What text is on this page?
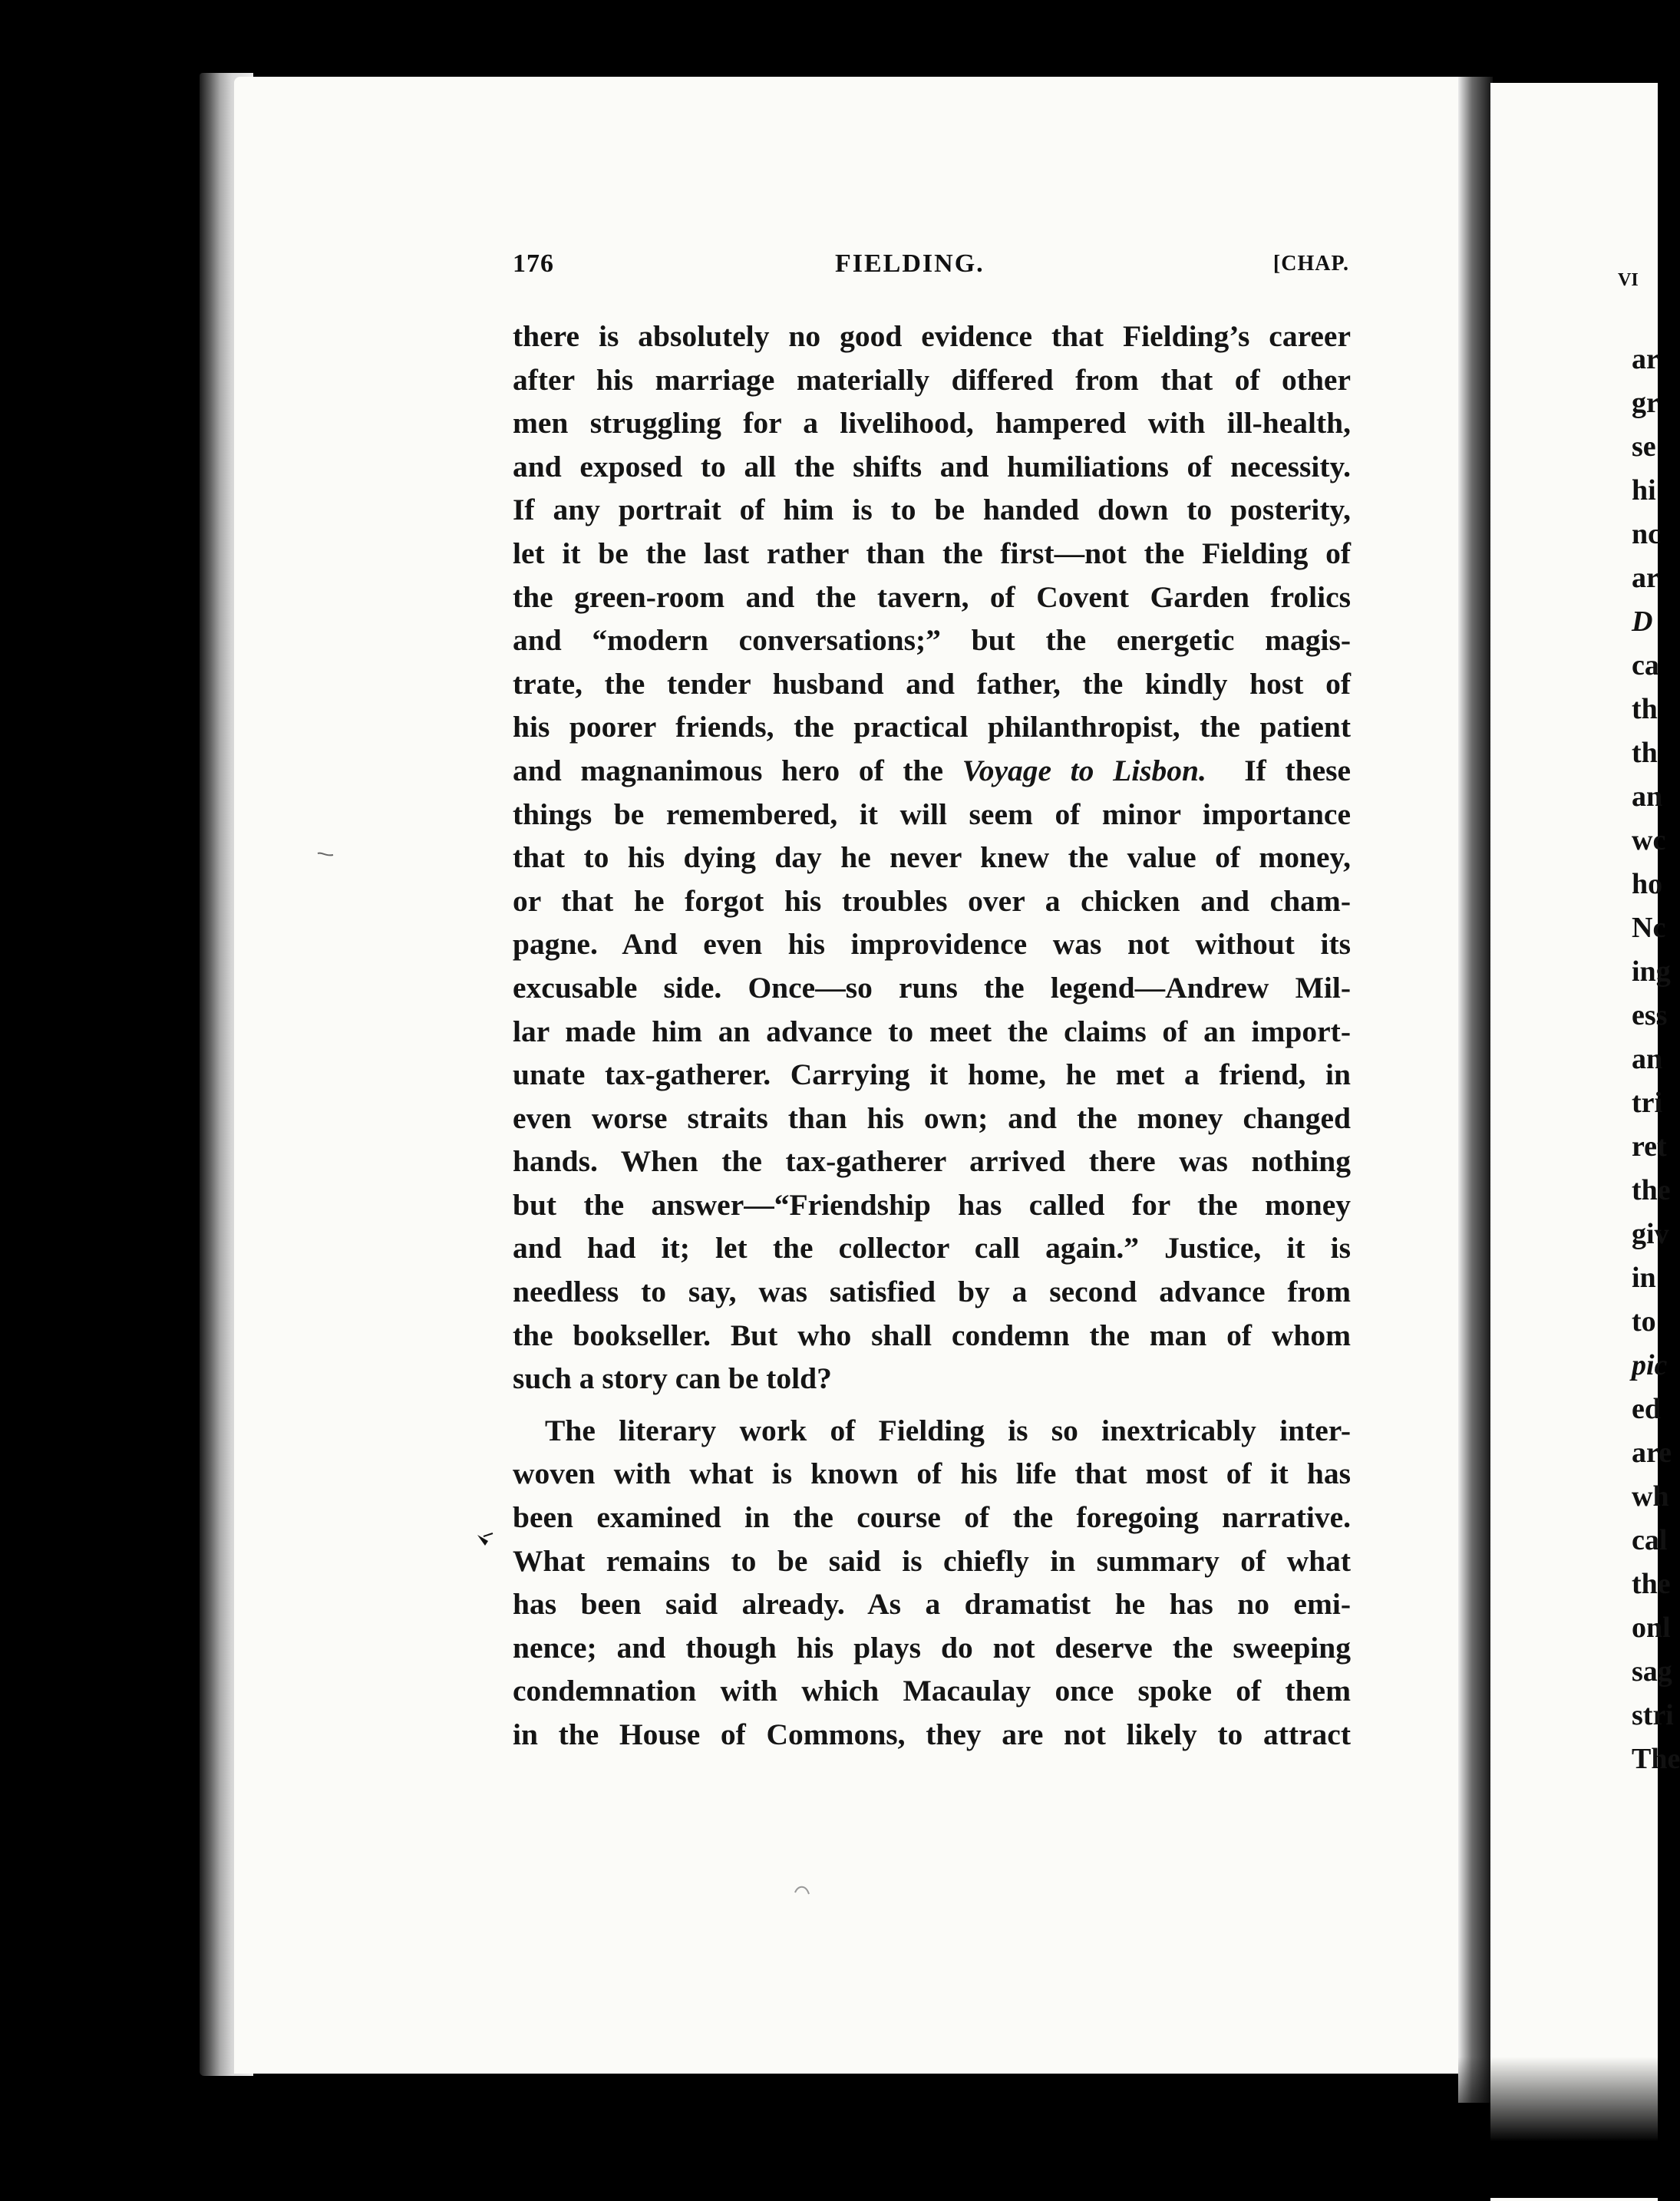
176	FIELDING.	[CHAP.
there is absolutely no good evidence that Fielding’s career
after his marriage materially differed from that of other
men struggling for a livelihood, hampered with ill-health,
and exposed to all the shifts and humiliations of necessity.
If any portrait of him is to be handed down to posterity,
let it be the last rather than the first—not the Fielding of
the green-room and the tavern, of Covent Garden frolics
and “modern conversations;” but the energetic magis-
trate, the tender husband and father, the kindly host of
his poorer friends, the practical philanthropist, the patient
and magnanimous hero of the Voyage to Lisbon. If these
things be remembered, it will seem of minor importance
that to his dying day he never knew the value of money,
or that he forgot his troubles over a chicken and cham-
pagne. And even his improvidence was not without its
excusable side. Once—so runs the legend—Andrew Mil-
lar made him an advance to meet the claims of an import-
unate tax-gatherer. Carrying it home, he met a friend, in
even worse straits than his own; and the money changed
hands. When the tax-gatherer arrived there was nothing
but the answer—“Friendship has called for the money
and had it; let the collector call again.” Justice, it is
needless to say, was satisfied by a second advance from
the bookseller. But who shall condemn the man of whom
such a story can be told?
The literary work of Fielding is so inextricably inter-
woven with what is known of his life that most of it has
been examined in the course of the foregoing narrative.
What remains to be said is chiefly in summary of what
has been said already. As a dramatist he has no emi-
nence; and though his plays do not deserve the sweeping
condemnation with which Macaulay once spoke of them
in the House of Commons, they are not likely to attract
VI
ar
gr
se
hi
nc
ar
D
ca
th
th
an
wc
ho
Nc
ing
ess
an
tri
ret
the
giv
in
to
pic
ed
are
wh
cal
the
onl
sag
stri
The
